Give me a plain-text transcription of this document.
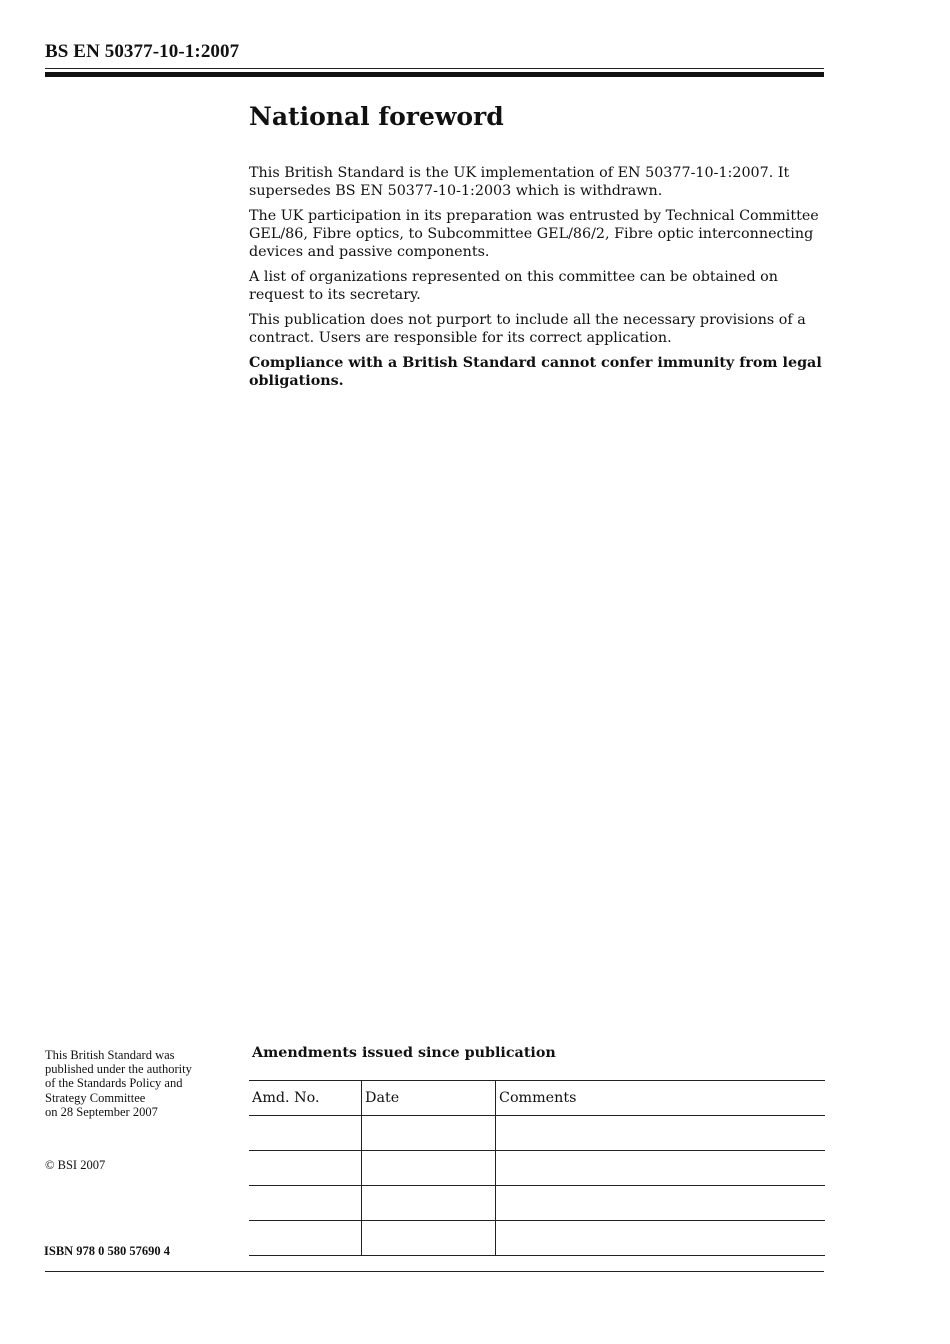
BS EN 50377-10-1:2007
National foreword

This British Standard is the UK implementation of EN 50377-10-1:2007. It supersedes BS EN 50377-10-1:2003 which is withdrawn.

The UK participation in its preparation was entrusted by Technical Committee GEL/86, Fibre optics, to Subcommittee GEL/86/2, Fibre optic interconnecting devices and passive components.

A list of organizations represented on this committee can be obtained on request to its secretary.

This publication does not purport to include all the necessary provisions of a contract. Users are responsible for its correct application.

Compliance with a British Standard cannot confer immunity from legal obligations.

This British Standard was
published under the authority
of the Standards Policy and
Strategy Committee
on 28 September 2007
© BSI 2007
ISBN 978 0 580 57690 4
Amendments issued since publication
Amd. No.	Date	Comments
